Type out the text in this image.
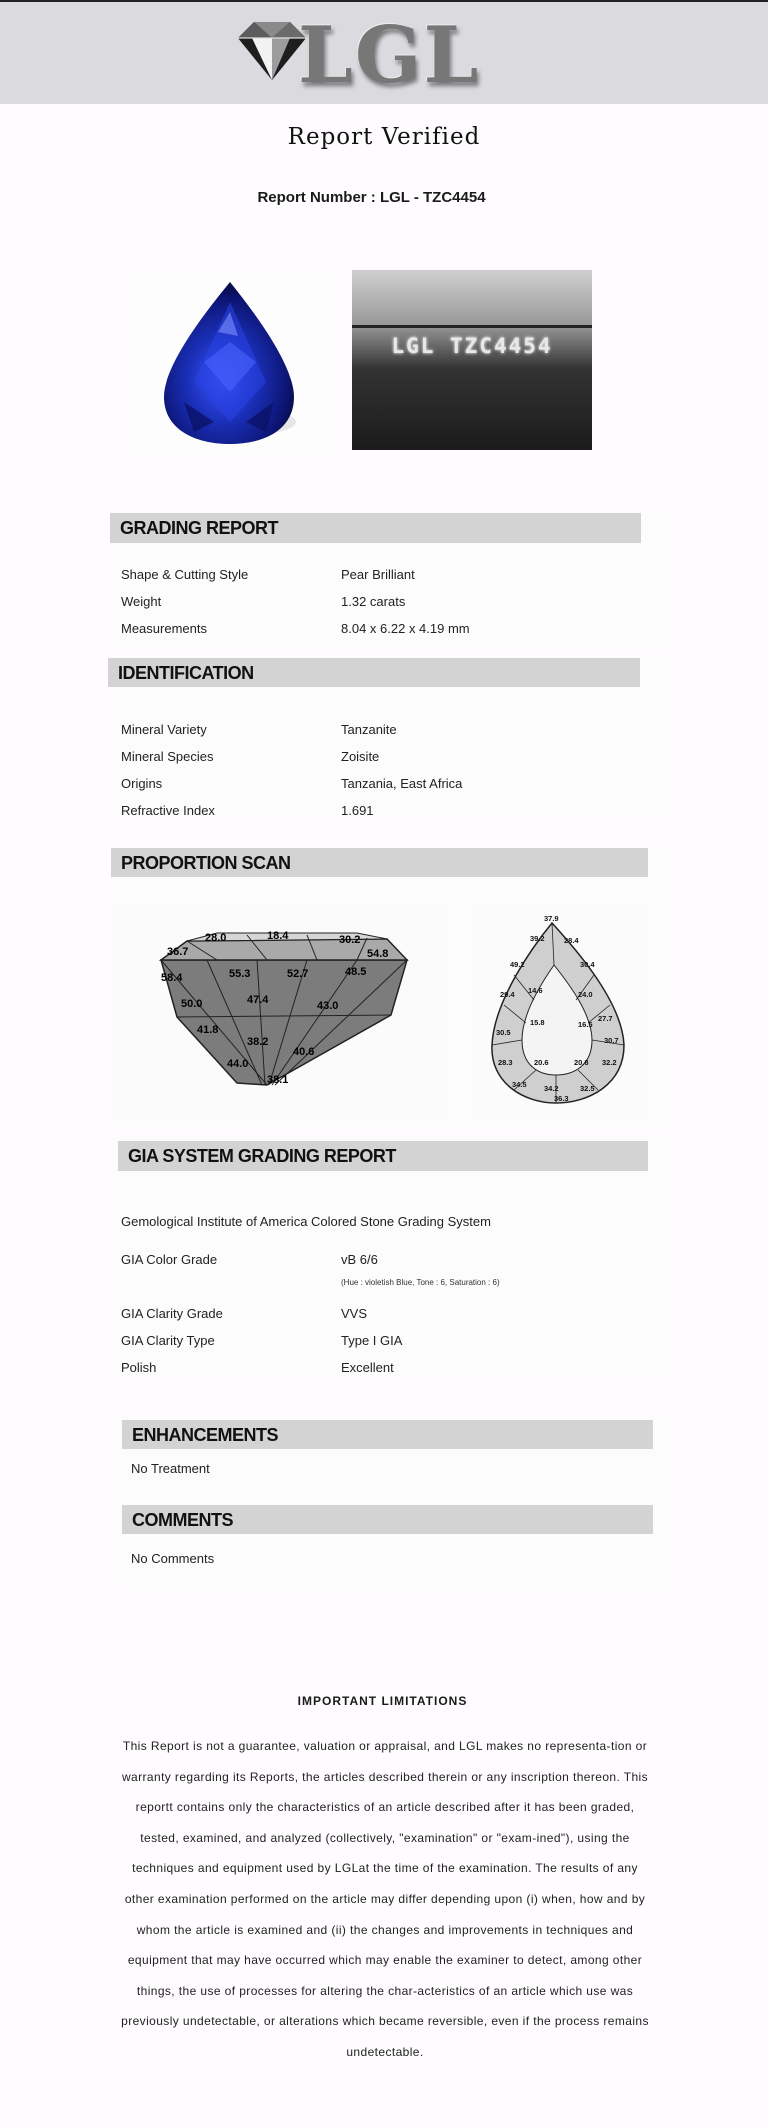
LGL
Report Verified
Report Number : LGL - TZC4454
LGL TZC4454
GRADING REPORT
Shape & Cutting Style	Pear Brilliant
Weight	1.32 carats
Measurements	8.04 x 6.22 x 4.19 mm
IDENTIFICATION
Mineral Variety	Tanzanite
Mineral Species	Zoisite
Origins	Tanzania, East Africa
Refractive Index	1.691
PROPORTION SCAN
36.7
28.0	18.4	30.2
54.8
58.4	55.3	52.7	48.5
50.0	47.4	43.0
41.8
38.2
40.6
44.0
38.1
37.9
39.2	28.4
49.2	30.4
29.4 14.6	24.0
27.7
30.5
15.8	16.5
30.7
28.3	20.6	20.8 32.2
34.5 34.2	32.5
36.3
GIA SYSTEM GRADING REPORT
Gemological Institute of America Colored Stone Grading System
GIA Color Grade	vB 6/6
(Hue : violetish Blue, Tone : 6, Saturation : 6)
GIA Clarity Grade	VVS
GIA Clarity Type	Type I GIA
Polish	Excellent
ENHANCEMENTS
No Treatment
COMMENTS
No Comments
IMPORTANT LIMITATIONS
This Report is not a guarantee, valuation or appraisal, and LGL makes no representa-tion or warranty regarding its Reports, the articles described therein or any inscription thereon. This reportt contains only the characteristics of an article described after it has been graded, tested, examined, and analyzed (collectively, "examination" or "exam-ined"), using the techniques and equipment used by LGLat the time of the examination. The results of any other examination performed on the article may differ depending upon (i) when, how and by whom the article is examined and (ii) the changes and improvements in techniques and equipment that may have occurred which may enable the examiner to detect, among other things, the use of processes for altering the char-acteristics of an article which use was previously undetectable, or alterations which became reversible, even if the process remains undetectable.
